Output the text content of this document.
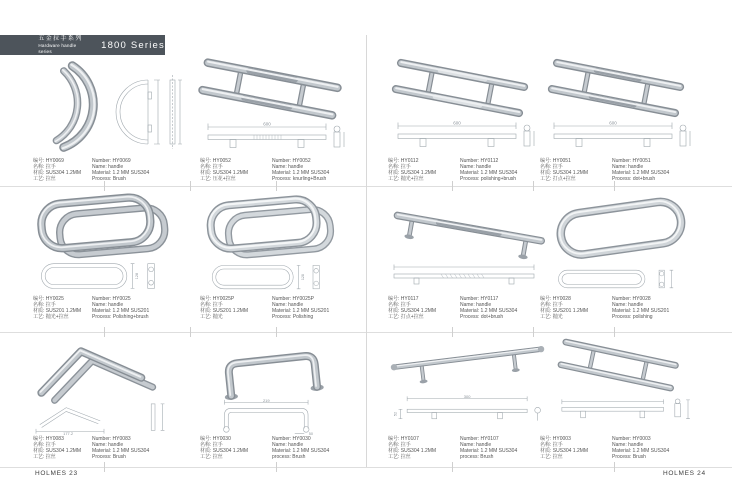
五金拉手系列
Hardware handle series
1800 Series
编号: HY0069
名称: 拉手
材质: SUS304 1.2MM
工艺: 拉丝
Number: HY0069
Name: handle
Material: 1.2 MM SUS304
Process: Brush
600
编号: HY0052
名称: 拉手
材质: SUS304 1.2MM
工艺: 压花+拉丝
Number: HY0052
Name: handle
Material: 1.2 MM SUS304
Process: knurling+Brush
600
编号: HY0112
名称: 拉手
材质: SUS304 1.2MM
工艺: 抛光+拉丝
Number: HY0112
Name: handle
Material: 1.2 MM SUS304
Process: polishing+brush
600
编号: HY0051
名称: 拉手
材质: SUS304 1.2MM
工艺: 打点+拉丝
Number: HY0051
Name: handle
Material: 1.2 MM SUS304
Process: dot+brush
128
编号: HY0025
名称: 拉手
材质: SUS201 1.2MM
工艺: 抛光+拉丝
Number: HY0025
Name: handle
Material: 1.2 MM SUS201
Process: Polishing+brush
128
编号: HY0025P
名称: 拉手
材质: SUS201 1.2MM
工艺: 抛光
Number: HY0025P
Name: handle
Material: 1.2 MM SUS201
Process: Polishing
编号: HY0117
名称: 拉手
材质: SUS304 1.2MM
工艺: 打点+拉丝
Number: HY0117
Name: handle
Material: 1.2 MM SUS304
Process: dot+brush
编号: HY0028
名称: 拉手
材质: SUS201 1.2MM
工艺: 抛光
Number: HY0028
Name: handle
Material: 1.2 MM SUS201
Process: polishing
177.2
编号: HY0083
名称: 拉手
材质: SUS304 1.2MM
工艺: 拉丝
Number: HY0083
Name: handle
Material: 1.2 MM SUS304
Process: Brush
219
50
编号: HY0030
名称: 拉手
材质: SUS304 1.2MM
工艺: 拉丝
Number: HY0030
Name: handle
Material: 1.2 MM SUS304
process: Brush
300
52
编号: HY0107
名称: 拉手
材质: SUS304 1.2MM
工艺: 拉丝
Number: HY0107
Name: handle
Material: 1.2 MM SUS304
process: Brush
编号: HY0003
名称: 拉手
材质: SUS304 1.2MM
工艺: 拉丝
Number: HY0003
Name: handle
Material: 1.2 MM SUS304
Process: Brush
HOLMES 23	HOLMES 24
